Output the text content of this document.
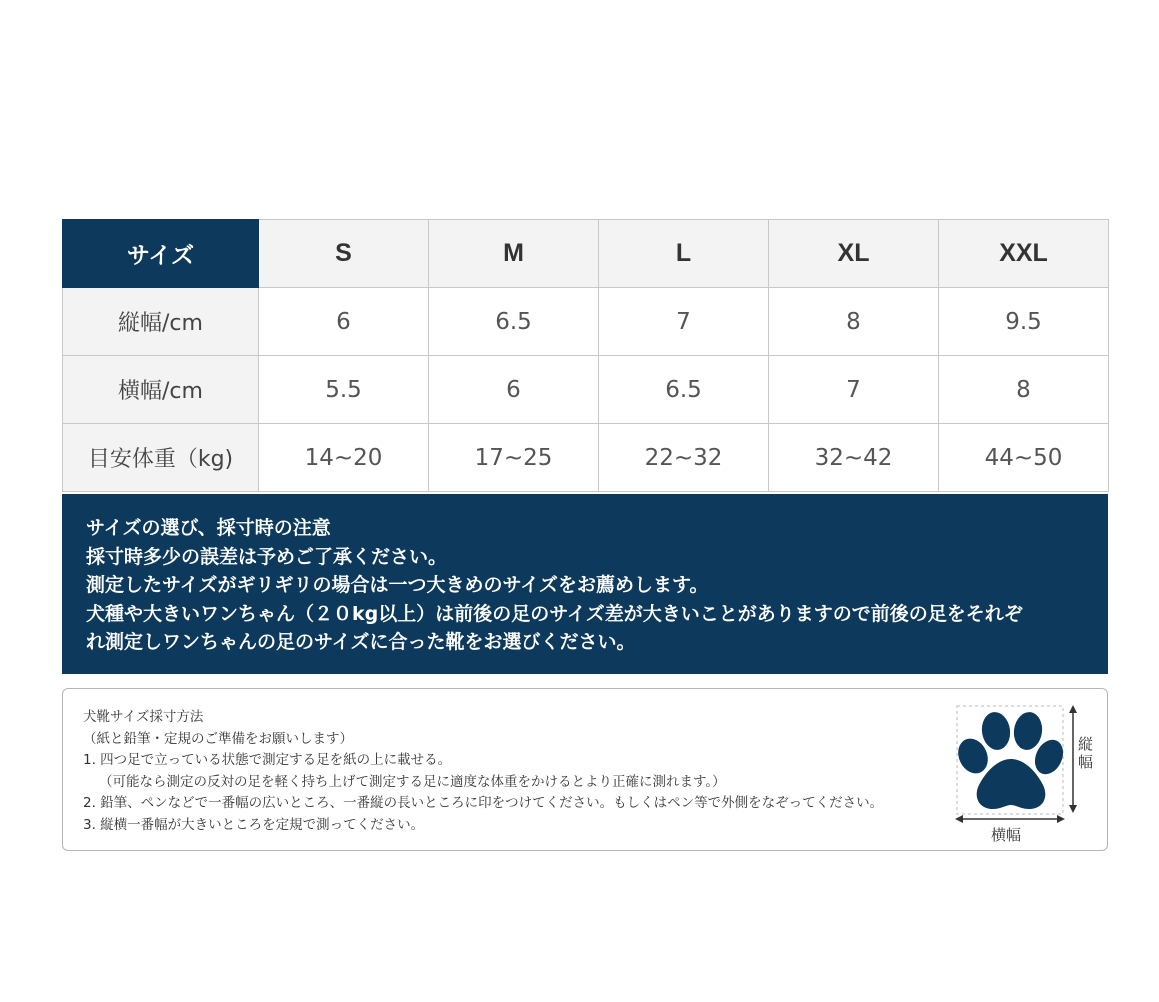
サイズ	S	M	L	XL	XXL
縦幅/cm	6	6.5	7	8	9.5
横幅/cm	5.5	6	6.5	7	8
目安体重（kg)	14~20	17~25	22~32	32~42	44~50
サイズの選び、採寸時の注意
採寸時多少の誤差は予めご了承ください。
測定したサイズがギリギリの場合は一つ大きめのサイズをお薦めします。
犬種や大きいワンちゃん（２０kg以上）は前後の足のサイズ差が大きいことがありますので前後の足をそれぞ
れ測定しワンちゃんの足のサイズに合った靴をお選びください。
犬靴サイズ採寸方法
（紙と鉛筆・定規のご準備をお願いします）
1. 四つ足で立っている状態で測定する足を紙の上に載せる。
（可能なら測定の反対の足を軽く持ち上げて測定する足に適度な体重をかけるとより正確に測れます。）
2. 鉛筆、ペンなどで一番幅の広いところ、一番縦の長いところに印をつけてください。もしくはペン等で外側をなぞってください。
3. 縦横一番幅が大きいところを定規で測ってください。
縦幅
横幅
